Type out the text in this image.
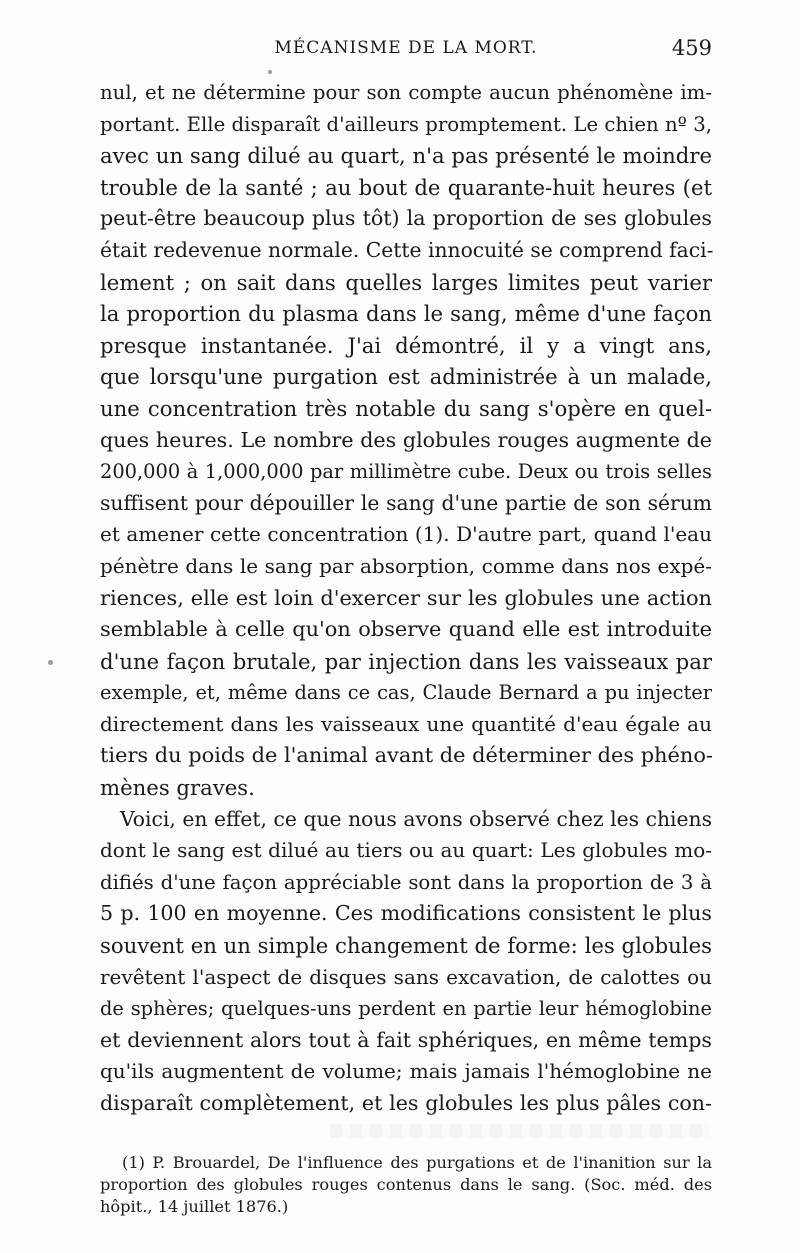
MÉCANISME DE LA MORT.	459
nul, et ne détermine pour son compte aucun phénomène im-
portant. Elle disparaît d'ailleurs promptement. Le chien nº 3,
avec un sang dilué au quart, n'a pas présenté le moindre
trouble de la santé ; au bout de quarante-huit heures (et
peut-être beaucoup plus tôt) la proportion de ses globules
était redevenue normale. Cette innocuité se comprend faci-
lement ; on sait dans quelles larges limites peut varier
la proportion du plasma dans le sang, même d'une façon
presque instantanée. J'ai démontré, il y a vingt ans,
que lorsqu'une purgation est administrée à un malade,
une concentration très notable du sang s'opère en quel-
ques heures. Le nombre des globules rouges augmente de
200,000 à 1,000,000 par millimètre cube. Deux ou trois selles
suffisent pour dépouiller le sang d'une partie de son sérum
et amener cette concentration (1). D'autre part, quand l'eau
pénètre dans le sang par absorption, comme dans nos expé-
riences, elle est loin d'exercer sur les globules une action
semblable à celle qu'on observe quand elle est introduite
d'une façon brutale, par injection dans les vaisseaux par
exemple, et, même dans ce cas, Claude Bernard a pu injecter
directement dans les vaisseaux une quantité d'eau égale au
tiers du poids de l'animal avant de déterminer des phéno-
mènes graves.
Voici, en effet, ce que nous avons observé chez les chiens
dont le sang est dilué au tiers ou au quart: Les globules mo-
difiés d'une façon appréciable sont dans la proportion de 3 à
5 p. 100 en moyenne. Ces modifications consistent le plus
souvent en un simple changement de forme: les globules
revêtent l'aspect de disques sans excavation, de calottes ou
de sphères; quelques-uns perdent en partie leur hémoglobine
et deviennent alors tout à fait sphériques, en même temps
qu'ils augmentent de volume; mais jamais l'hémoglobine ne
disparaît complètement, et les globules les plus pâles con-
(1) P. Brouardel, De l'influence des purgations et de l'inanition sur la
proportion des globules rouges contenus dans le sang. (Soc. méd. des
hôpit., 14 juillet 1876.)
